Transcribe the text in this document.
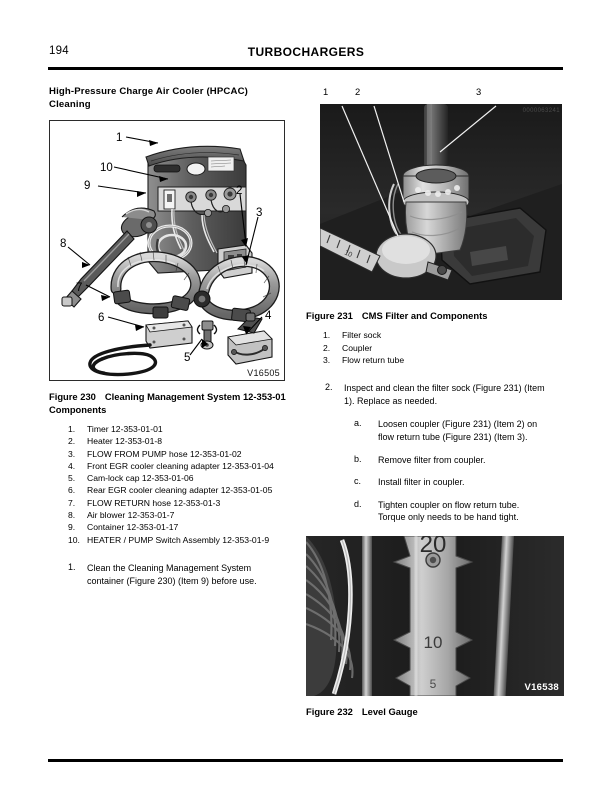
194	TURBOCHARGERS
High-Pressure Charge Air Cooler (HPCAC) Cleaning
1
10
9	2
3
4
5
6
7
8
V16505
Figure 230 Cleaning Management System 12-353-01 Components
1.	Timer 12-353-01-01
2.	Heater 12-353-01-8
3.	FLOW FROM PUMP hose 12-353-01-02
4.	Front EGR cooler cleaning adapter 12-353-01-04
5.	Cam-lock cap 12-353-01-06
6.	Rear EGR cooler cleaning adapter 12-353-01-05
7.	FLOW RETURN hose 12-353-01-3
8.	Air blower 12-353-01-7
9.	Container 12-353-01-17
10. HEATER / PUMP Switch Assembly 12-353-01-9
1. Clean the Cleaning Management System

container (Figure 230) (Item 9) before use.

1	2	3
10
0000063241
Figure 231 CMS Filter and Components
1.	Filter sock
2.	Coupler
3.	Flow return tube
2. Inspect and clean the filter sock (Figure 231) (Item

1). Replace as needed.

a. Loosen coupler (Figure 231) (Item 2) on

flow return tube (Figure 231) (Item 3).

b. Remove filter from coupler.

c. Install filter in coupler.

d. Tighten coupler on flow return tube.

Torque only needs to be hand tight.

20
10
5	V16538
Figure 232 Level Gauge
